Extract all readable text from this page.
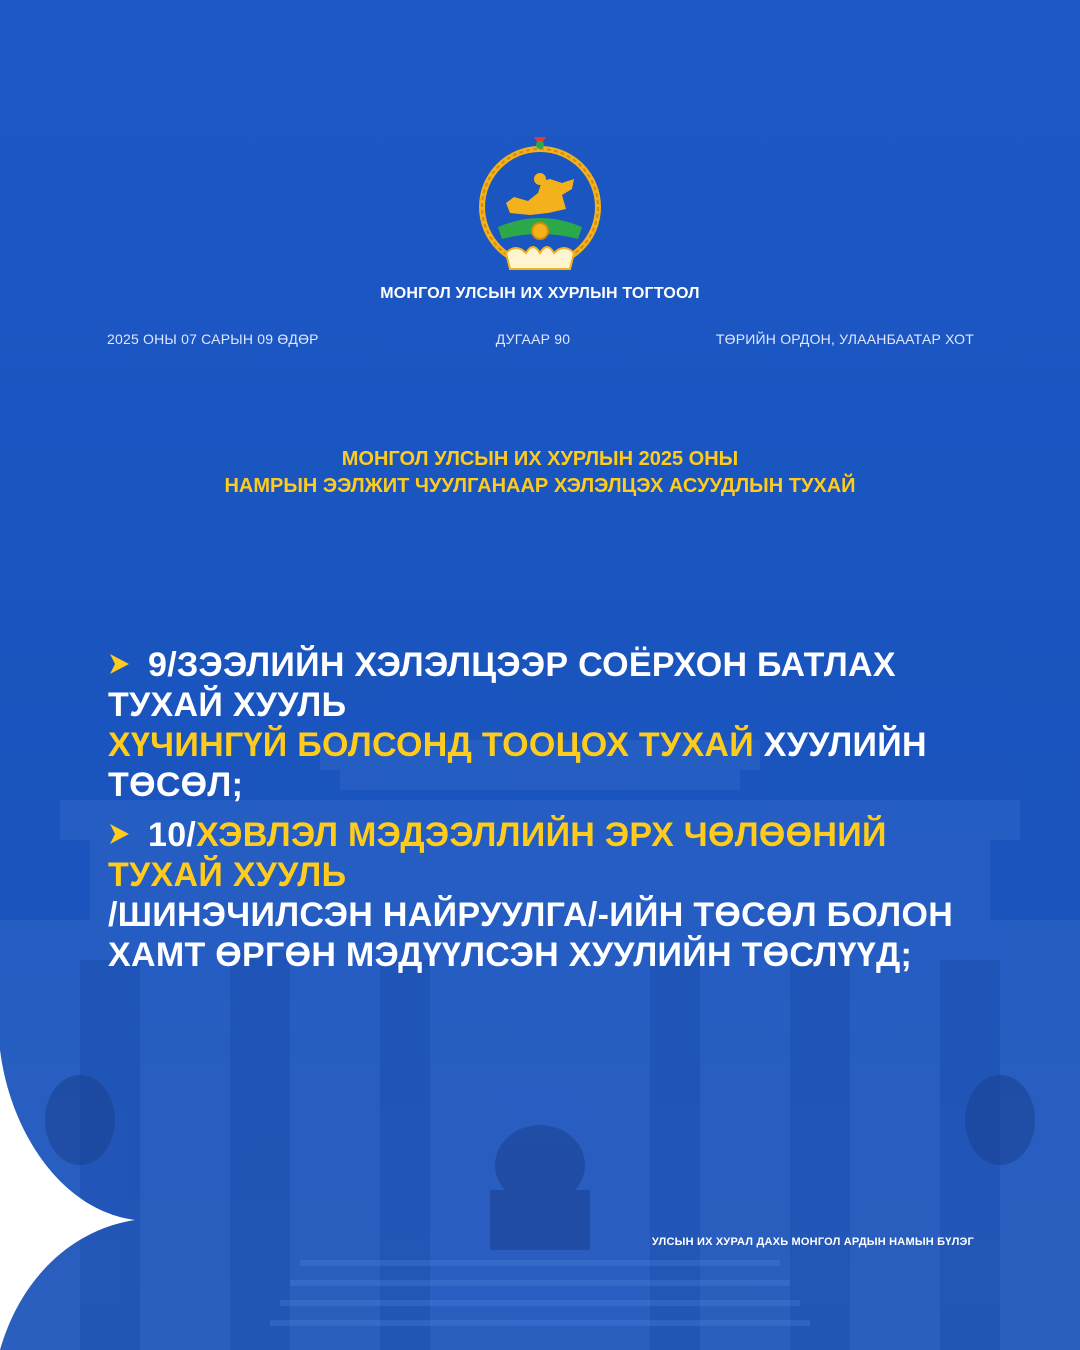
МОНГОЛ УЛСЫН ИХ ХУРЛЫН ТОГТООЛ
2025 ОНЫ 07 САРЫН 09 ӨДӨР	ДУГААР 90	ТӨРИЙН ОРДОН, УЛААНБААТАР ХОТ
МОНГОЛ УЛСЫН ИХ ХУРЛЫН 2025 ОНЫ
НАМРЫН ЭЭЛЖИТ ЧУУЛГАНААР ХЭЛЭЛЦЭХ АСУУДЛЫН ТУХАЙ
9/ЗЭЭЛИЙН ХЭЛЭЛЦЭЭР СОЁРХОН БАТЛАХ ТУХАЙ ХУУЛЬ
ХҮЧИНГҮЙ БОЛСОНД ТООЦОХ ТУХАЙ ХУУЛИЙН ТӨСӨЛ;
10/ХЭВЛЭЛ МЭДЭЭЛЛИЙН ЭРХ ЧӨЛӨӨНИЙ ТУХАЙ ХУУЛЬ
/ШИНЭЧИЛСЭН НАЙРУУЛГА/-ИЙН ТӨСӨЛ БОЛОН ХАМТ ӨРГӨН МЭДҮҮЛСЭН ХУУЛИЙН ТӨСЛҮҮД;
УЛСЫН ИХ ХУРАЛ ДАХЬ МОНГОЛ АРДЫН НАМЫН БҮЛЭГ
